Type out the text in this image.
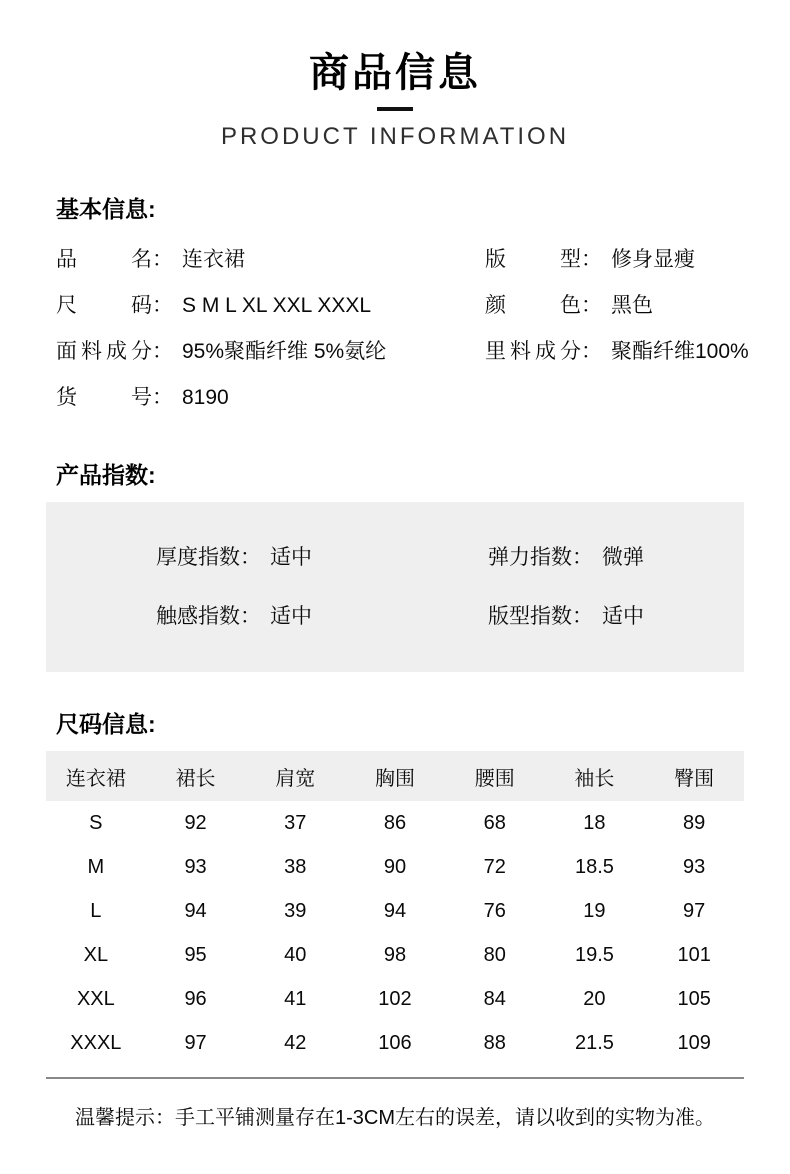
商品信息
PRODUCT INFORMATION
基本信息:
品名 ： 连衣裙	版型 ： 修身显瘦
尺码 ： S M L XL XXL XXXL	颜色 ： 黑色
面料成分 ： 95%聚酯纤维 5%氨纶	里料成分 ： 聚酯纤维100%
货号 ： 8190
产品指数:
厚度指数 ： 适中	弹力指数 ： 微弹
触感指数 ： 适中	版型指数 ： 适中
尺码信息:
连衣裙	裙长	肩宽	胸围	腰围	袖长	臀围
S	92	37	86	68	18	89
M	93	38	90	72	18.5	93
L	94	39	94	76	19	97
XL	95	40	98	80	19.5	101
XXL	96	41	102	84	20	105
XXXL	97	42	106	88	21.5	109
温馨提示：手工平铺测量存在1-3CM左右的误差，请以收到的实物为准。
